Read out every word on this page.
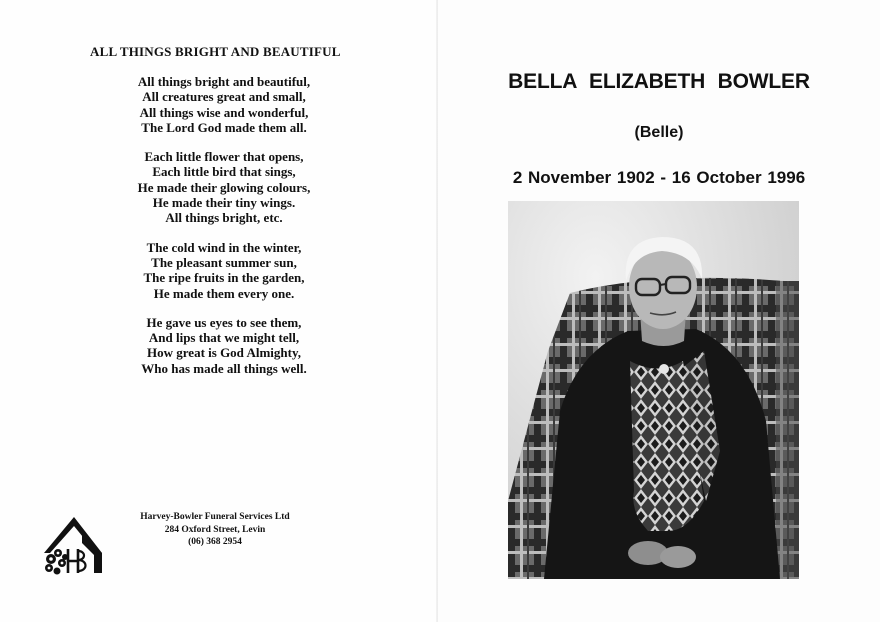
ALL THINGS BRIGHT AND BEAUTIFUL
All things bright and beautiful,
All creatures great and small,
All things wise and wonderful,
The Lord God made them all.
Each little flower that opens,
Each little bird that sings,
He made their glowing colours,
He made their tiny wings.
All things bright, etc.
The cold wind in the winter,
The pleasant summer sun,
The ripe fruits in the garden,
He made them every one.
He gave us eyes to see them,
And lips that we might tell,
How great is God Almighty,
Who has made all things well.
Harvey-Bowler Funeral Services Ltd
284 Oxford Street, Levin
(06) 368 2954
BELLA ELIZABETH BOWLER
(Belle)
2 November 1902 - 16 October 1996
